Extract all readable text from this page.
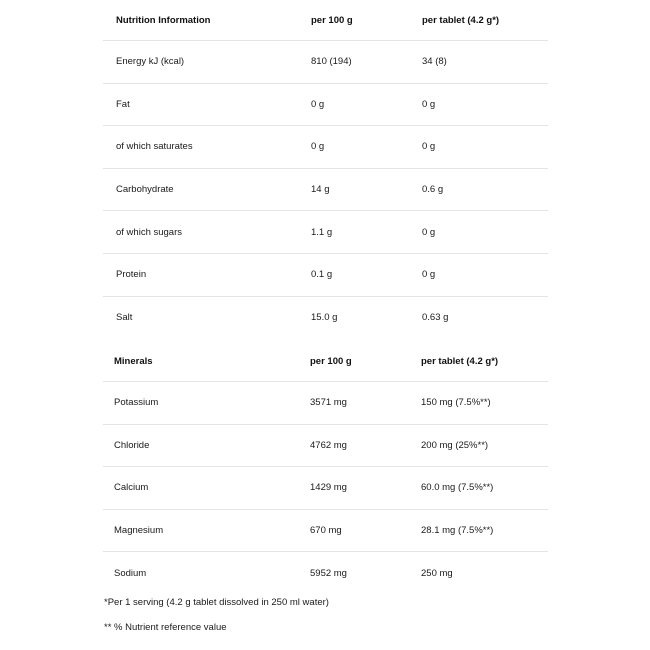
Nutrition Information	per 100 g	per tablet (4.2 g*)
Energy kJ (kcal)	810 (194)	34 (8)
Fat	0 g	0 g
of which saturates	0 g	0 g
Carbohydrate	14 g	0.6 g
of which sugars	1.1 g	0 g
Protein	0.1 g	0 g
Salt	15.0 g	0.63 g
Minerals	per 100 g	per tablet (4.2 g*)
Potassium	3571 mg	150 mg (7.5%**)
Chloride	4762 mg	200 mg (25%**)
Calcium	1429 mg	60.0 mg (7.5%**)
Magnesium	670 mg	28.1 mg (7.5%**)
Sodium	5952 mg	250 mg
*Per 1 serving (4.2 g tablet dissolved in 250 ml water)
** % Nutrient reference value
